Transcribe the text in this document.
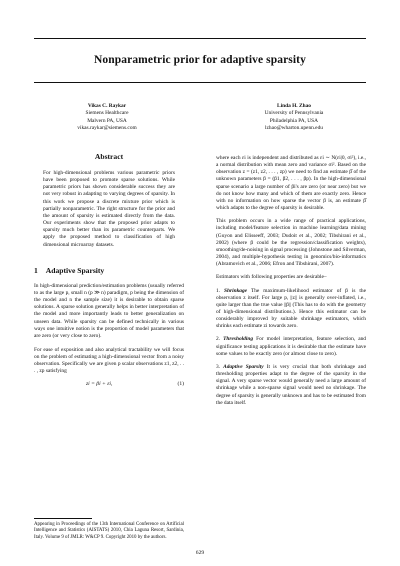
Nonparametric prior for adaptive sparsity
Vikas C. Raykar
Siemens Healthcare
Malvern PA, USA
vikas.raykar@siemens.com
Linda H. Zhao
University of Pennsylvania
Philadelphia PA, USA
lzhao@wharton.upenn.edu
Abstract

For high-dimensional problems various parametric priors have been proposed to promote sparse solutions. While parametric priors has shown considerable success they are not very robust in adapting to varying degrees of sparsity. In this work we propose a discrete mixture prior which is partially nonparametric. The right structure for the prior and the amount of sparsity is estimated directly from the data. Our experiments show that the proposed prior adapts to sparsity much better than its parametric counterparts. We apply the proposed method to classification of high dimensional microarray datasets.

1 Adaptive Sparsity

In high-dimensional prediction/estimation problems (usually referred to as the large p, small n (p ≫ n) paradigm, p being the dimension of the model and n the sample size) it is desirable to obtain sparse solutions. A sparse solution generally helps in better interpretation of the model and more importantly leads to better generalization on unseen data. While sparsity can be defined technically in various ways one intuitive notion is the proportion of model parameters that are zero (or very close to zero).

For ease of exposition and also analytical tractability we will focus on the problem of estimating a high-dimensional vector from a noisy observation. Specifically we are given p scalar observations z1, z2, . . . , zp satisfying

zi = βi + εi,	(1)
Appearing in Proceedings of the 13th International Conference on Artificial Intelligence and Statistics (AISTATS) 2010, Chia Laguna Resort, Sardinia, Italy. Volume 9 of JMLR: W&CP 9. Copyright 2010 by the authors.

where each εi is independent and distributed as εi ∼ N(εi|0, σi²), i.e., a normal distribution with mean zero and variance σi². Based on the observation z = (z1, z2, . . . , zp) we need to find an estimate β̂ of the unknown parameters β = (β1, β2, . . . , βp). In the high-dimensional sparse scenario a large number of βi's are zero (or near zero) but we do not know how many and which of them are exactly zero. Hence with no information on how sparse the vector β is, an estimate β̂ which adapts to the degree of sparsity is desirable.

This problem occurs in a wide range of practical applications, including model/feature selection in machine learning/data mining (Guyon and Elisseeff, 2003; Dudoit et al., 2002; Tibshirani et al., 2002) (where β could be the regression/classification weights), smoothing/de-noising in signal processing (Johnstone and Silverman, 2004), and multiple-hypothesis testing in genomics/bio-informatics (Abramovich et al., 2006; Efron and Tibshirani, 2007).

Estimators with following properties are desirable–

1. Shrinkage The maximum-likelihood estimator of β is the observation z itself. For large p, ||z|| is generally over-inflated, i.e., quite larger than the true value ||β|| (This has to do with the geometry of high-dimensional distributions.). Hence this estimator can be considerably improved by suitable shrinkage estimators, which shrinks each estimate zi towards zero.

2. Thresholding For model interpretation, feature selection, and significance testing applications it is desirable that the estimate have some values to be exactly zero (or almost close to zero).

3. Adaptive Sparsity It is very crucial that both shrinkage and thresholding properties adapt to the degree of the sparsity in the signal. A very sparse vector would generally need a large amount of shrinkage while a non-sparse signal would need no shrinkage. The degree of sparsity is generally unknown and has to be estimated from the data itself.

629
